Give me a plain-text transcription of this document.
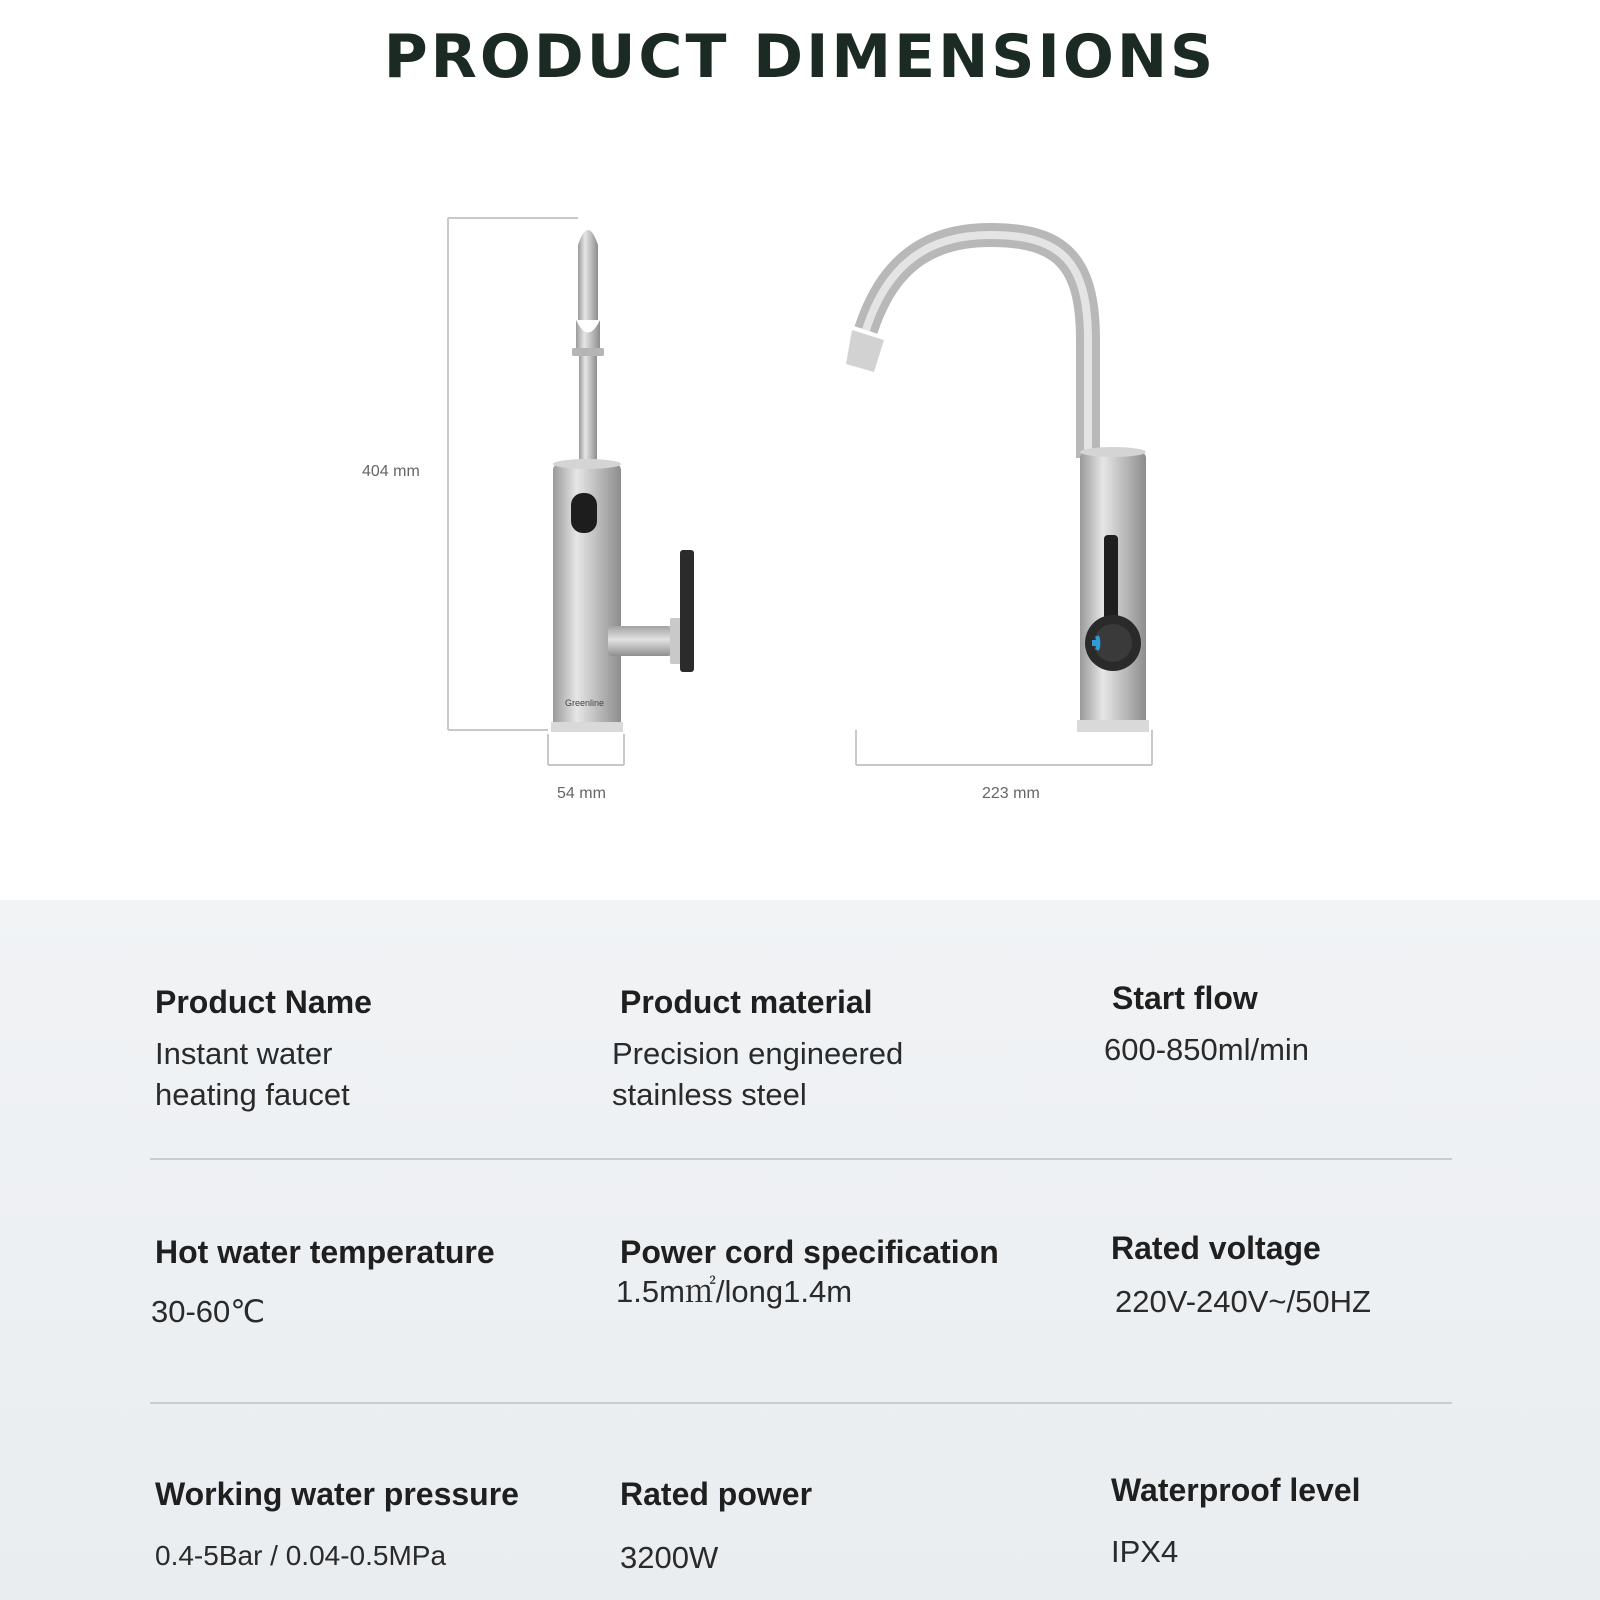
PRODUCT DIMENSIONS
Greenline
404 mm
54 mm	223 mm
Product Name
Instant water
heating faucet
Product material
Precision engineered
stainless steel
Start flow
600-850ml/min
Hot water temperature
30-60℃
Power cord specification
1.5m㎡/long1.4m
Rated voltage
220V-240V~/50HZ
Working water pressure
0.4-5Bar / 0.04-0.5MPa
Rated power
3200W
Waterproof level
IPX4
